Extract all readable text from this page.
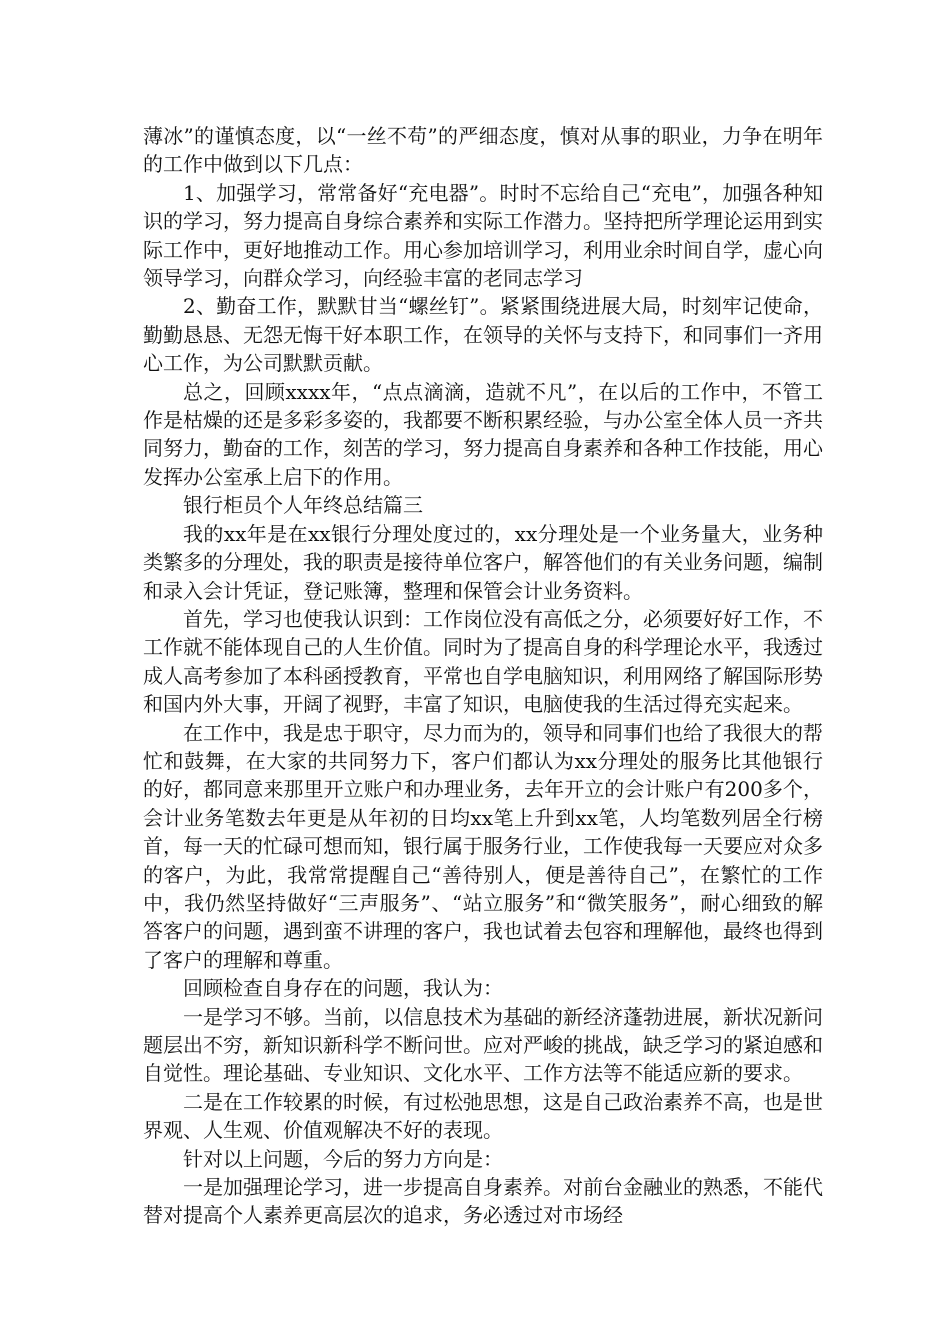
薄冰”的谨慎态度，以“一丝不苟”的严细态度，慎对从事的职业，力争在明年的工作中做到以下几点：

1、加强学习，常常备好“充电器”。时时不忘给自己“充电”，加强各种知识的学习，努力提高自身综合素养和实际工作潜力。坚持把所学理论运用到实际工作中，更好地推动工作。用心参加培训学习，利用业余时间自学，虚心向领导学习，向群众学习，向经验丰富的老同志学习

2、勤奋工作，默默甘当“螺丝钉”。紧紧围绕进展大局，时刻牢记使命，勤勤恳恳、无怨无悔干好本职工作，在领导的关怀与支持下，和同事们一齐用心工作，为公司默默贡献。

总之，回顾xxxx年，“点点滴滴，造就不凡”，在以后的工作中，不管工作是枯燥的还是多彩多姿的，我都要不断积累经验，与办公室全体人员一齐共同努力，勤奋的工作，刻苦的学习，努力提高自身素养和各种工作技能，用心发挥办公室承上启下的作用。

银行柜员个人年终总结篇三

我的xx年是在xx银行分理处度过的，xx分理处是一个业务量大，业务种类繁多的分理处，我的职责是接待单位客户，解答他们的有关业务问题，编制和录入会计凭证，登记账簿，整理和保管会计业务资料。

首先，学习也使我认识到：工作岗位没有高低之分，必须要好好工作，不工作就不能体现自己的人生价值。同时为了提高自身的科学理论水平，我透过成人高考参加了本科函授教育，平常也自学电脑知识，利用网络了解国际形势和国内外大事，开阔了视野，丰富了知识，电脑使我的生活过得充实起来。

在工作中，我是忠于职守，尽力而为的，领导和同事们也给了我很大的帮忙和鼓舞，在大家的共同努力下，客户们都认为xx分理处的服务比其他银行的好，都同意来那里开立账户和办理业务，去年开立的会计账户有200多个，会计业务笔数去年更是从年初的日均xx笔上升到xx笔，人均笔数列居全行榜首，每一天的忙碌可想而知，银行属于服务行业，工作使我每一天要应对众多的客户，为此，我常常提醒自己“善待别人，便是善待自己”，在繁忙的工作中，我仍然坚持做好“三声服务”、“站立服务”和“微笑服务”，耐心细致的解答客户的问题，遇到蛮不讲理的客户，我也试着去包容和理解他，最终也得到了客户的理解和尊重。

回顾检查自身存在的问题，我认为：

一是学习不够。当前，以信息技术为基础的新经济蓬勃进展，新状况新问题层出不穷，新知识新科学不断问世。应对严峻的挑战，缺乏学习的紧迫感和自觉性。理论基础、专业知识、文化水平、工作方法等不能适应新的要求。

二是在工作较累的时候，有过松弛思想，这是自己政治素养不高，也是世界观、人生观、价值观解决不好的表现。

针对以上问题，今后的努力方向是：

一是加强理论学习，进一步提高自身素养。对前台金融业的熟悉，不能代替对提高个人素养更高层次的追求，务必透过对市场经
